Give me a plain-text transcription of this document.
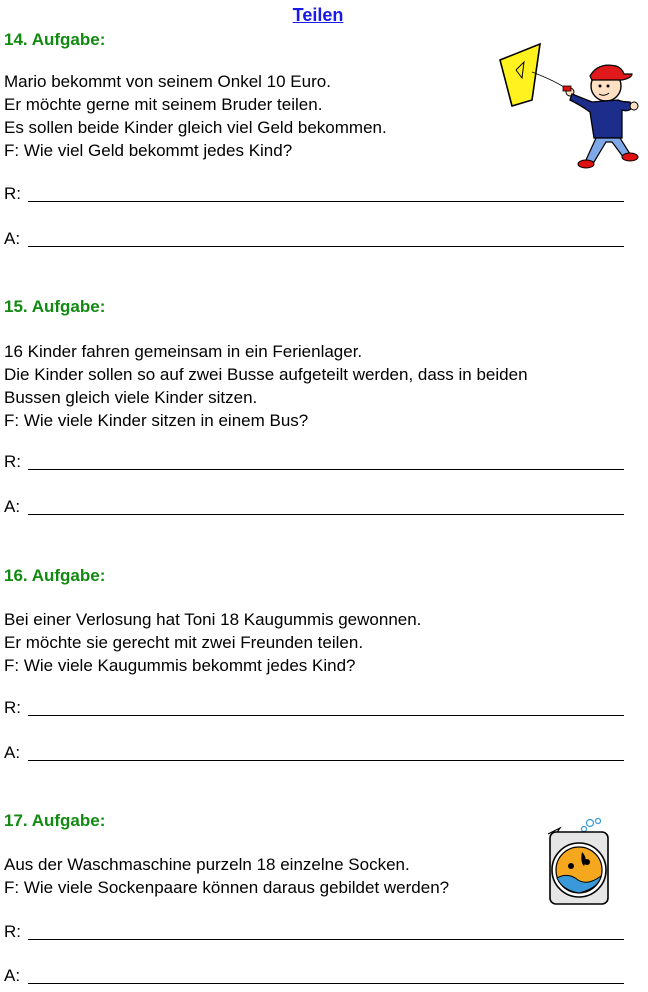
Teilen
14. Aufgabe:
Mario bekommt von seinem Onkel 10 Euro.
Er möchte gerne mit seinem Bruder teilen.
Es sollen beide Kinder gleich viel Geld bekommen.
F: Wie viel Geld bekommt jedes Kind?
R:
A:
15. Aufgabe:
16 Kinder fahren gemeinsam in ein Ferienlager.
Die Kinder sollen so auf zwei Busse aufgeteilt werden, dass in beiden
Bussen gleich viele Kinder sitzen.
F: Wie viele Kinder sitzen in einem Bus?
R:
A:
16. Aufgabe:
Bei einer Verlosung hat Toni 18 Kaugummis gewonnen.
Er möchte sie gerecht mit zwei Freunden teilen.
F: Wie viele Kaugummis bekommt jedes Kind?
R:
A:
17. Aufgabe:
Aus der Waschmaschine purzeln 18 einzelne Socken.
F: Wie viele Sockenpaare können daraus gebildet werden?
R:
A:
